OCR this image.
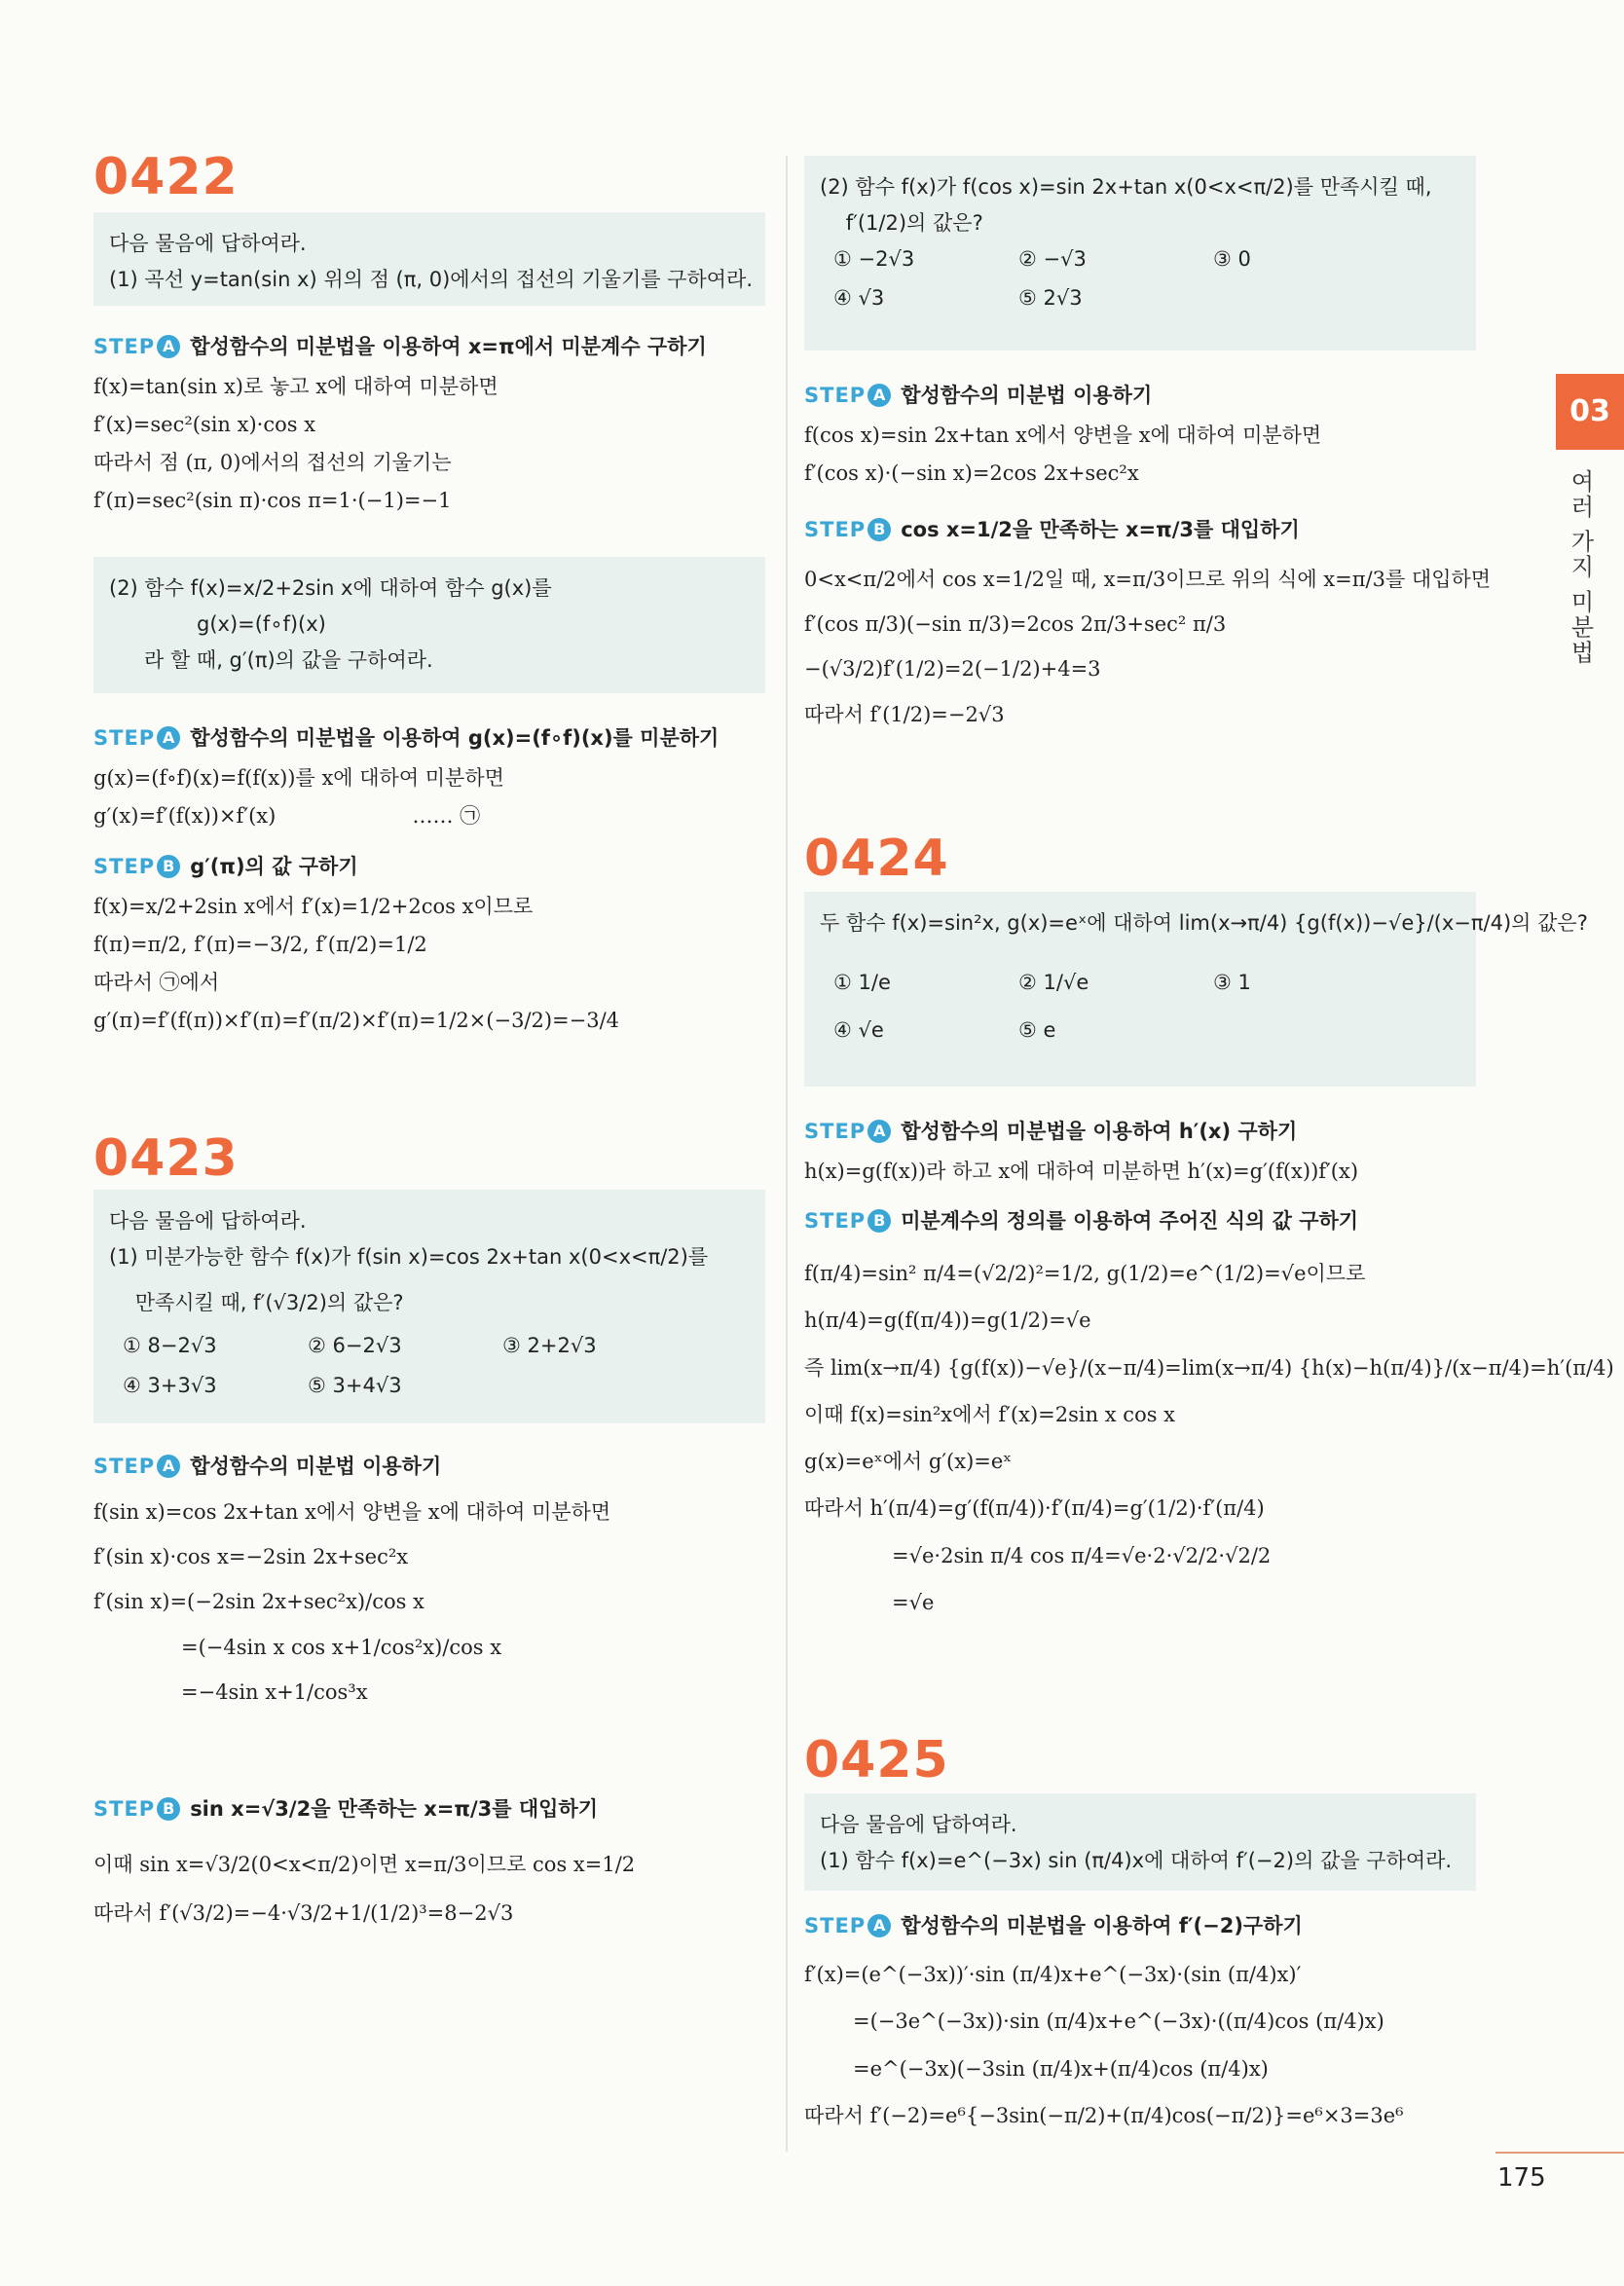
0422
다음 물음에 답하여라.
(1) 곡선 y=tan(sin x) 위의 점 (π, 0)에서의 접선의 기울기를 구하여라.
STEP A 합성함수의 미분법을 이용하여 x=π에서 미분계수 구하기
f(x)=tan(sin x)로 놓고 x에 대하여 미분하면
f′(x)=sec²(sin x)·cos x
따라서 점 (π, 0)에서의 접선의 기울기는
f′(π)=sec²(sin π)·cos π=1·(−1)=−1
(2) 함수 f(x)=x/2+2sin x에 대하여 함수 g(x)를
g(x)=(f∘f)(x)
라 할 때, g′(π)의 값을 구하여라.
STEP A 합성함수의 미분법을 이용하여 g(x)=(f∘f)(x)를 미분하기
g(x)=(f∘f)(x)=f(f(x))를 x에 대하여 미분하면
g′(x)=f′(f(x))×f′(x)                     …… ㉠
STEP B g′(π)의 값 구하기
f(x)=x/2+2sin x에서 f′(x)=1/2+2cos x이므로
f(π)=π/2, f′(π)=−3/2, f′(π/2)=1/2
따라서 ㉠에서
g′(π)=f′(f(π))×f′(π)=f′(π/2)×f′(π)=1/2×(−3/2)=−3/4
0423
다음 물음에 답하여라.
(1) 미분가능한 함수 f(x)가 f(sin x)=cos 2x+tan x(0<x<π/2)를
만족시킬 때, f′(√3/2)의 값은?
① 8−2√3	② 6−2√3	③ 2+2√3
④ 3+3√3	⑤ 3+4√3
STEP A 합성함수의 미분법 이용하기
f(sin x)=cos 2x+tan x에서 양변을 x에 대하여 미분하면
f′(sin x)·cos x=−2sin 2x+sec²x
f′(sin x)=(−2sin 2x+sec²x)/cos x
=(−4sin x cos x+1/cos²x)/cos x
=−4sin x+1/cos³x
STEP B sin x=√3/2을 만족하는 x=π/3를 대입하기
이때 sin x=√3/2(0<x<π/2)이면 x=π/3이므로 cos x=1/2
따라서 f′(√3/2)=−4·√3/2+1/(1/2)³=8−2√3
(2) 함수 f(x)가 f(cos x)=sin 2x+tan x(0<x<π/2)를 만족시킬 때,
f′(1/2)의 값은?
① −2√3	② −√3	③ 0
④ √3	⑤ 2√3
STEP A 합성함수의 미분법 이용하기
f(cos x)=sin 2x+tan x에서 양변을 x에 대하여 미분하면
f′(cos x)·(−sin x)=2cos 2x+sec²x
STEP B cos x=1/2을 만족하는 x=π/3를 대입하기
0<x<π/2에서 cos x=1/2일 때, x=π/3이므로 위의 식에 x=π/3를 대입하면
f′(cos π/3)(−sin π/3)=2cos 2π/3+sec² π/3
−(√3/2)f′(1/2)=2(−1/2)+4=3
따라서 f′(1/2)=−2√3
0424
두 함수 f(x)=sin²x, g(x)=eˣ에 대하여 lim(x→π/4) {g(f(x))−√e}/(x−π/4)의 값은?
① 1/e	② 1/√e	③ 1
④ √e	⑤ e
STEP A 합성함수의 미분법을 이용하여 h′(x) 구하기
h(x)=g(f(x))라 하고 x에 대하여 미분하면 h′(x)=g′(f(x))f′(x)
STEP B 미분계수의 정의를 이용하여 주어진 식의 값 구하기
f(π/4)=sin² π/4=(√2/2)²=1/2, g(1/2)=e^(1/2)=√e이므로
h(π/4)=g(f(π/4))=g(1/2)=√e
즉 lim(x→π/4) {g(f(x))−√e}/(x−π/4)=lim(x→π/4) {h(x)−h(π/4)}/(x−π/4)=h′(π/4)
이때 f(x)=sin²x에서 f′(x)=2sin x cos x
g(x)=eˣ에서 g′(x)=eˣ
따라서 h′(π/4)=g′(f(π/4))·f′(π/4)=g′(1/2)·f′(π/4)
=√e·2sin π/4 cos π/4=√e·2·√2/2·√2/2
=√e
0425
다음 물음에 답하여라.
(1) 함수 f(x)=e^(−3x) sin (π/4)x에 대하여 f′(−2)의 값을 구하여라.
STEP A 합성함수의 미분법을 이용하여 f′(−2)구하기
f′(x)=(e^(−3x))′·sin (π/4)x+e^(−3x)·(sin (π/4)x)′
=(−3e^(−3x))·sin (π/4)x+e^(−3x)·((π/4)cos (π/4)x)
=e^(−3x)(−3sin (π/4)x+(π/4)cos (π/4)x)
따라서 f′(−2)=e⁶{−3sin(−π/2)+(π/4)cos(−π/2)}=e⁶×3=3e⁶
03
여러 가지 미분법
175
